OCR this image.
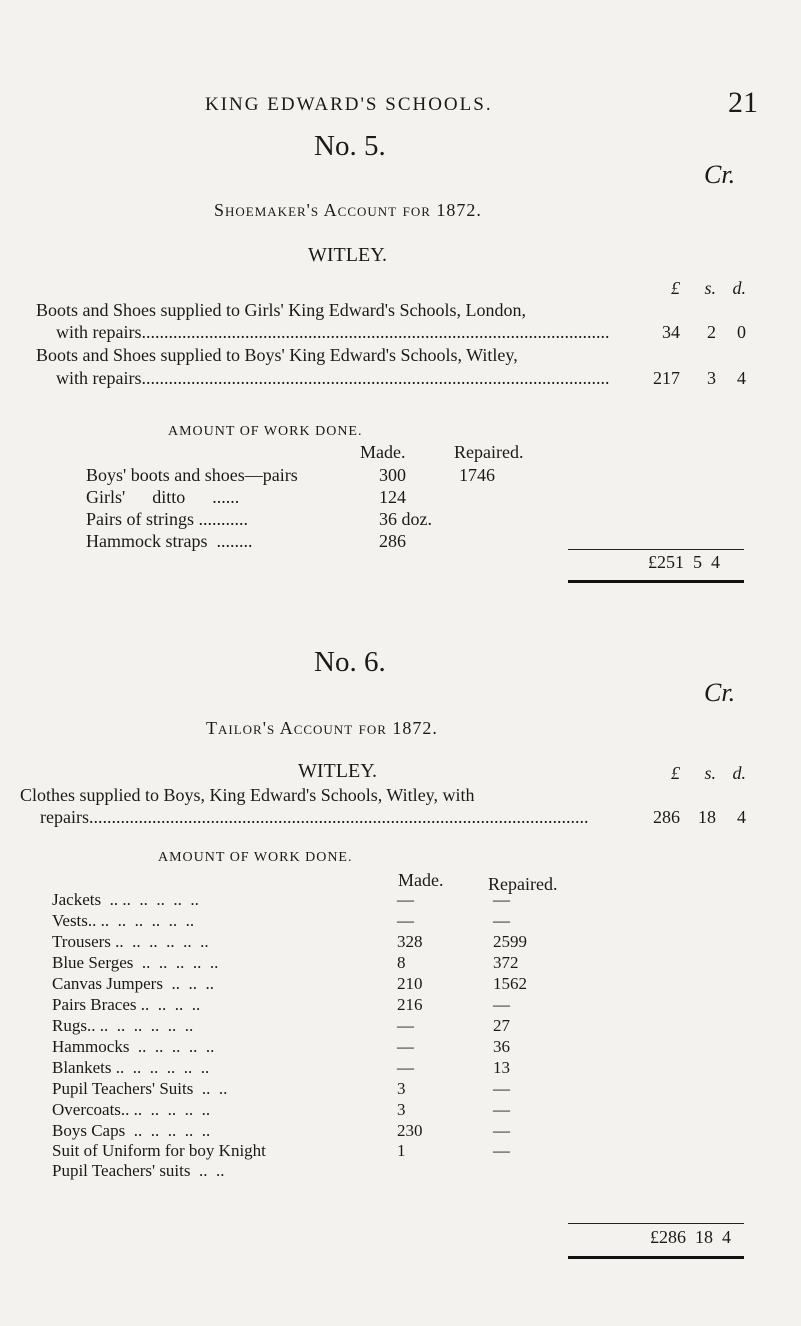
KING EDWARD'S SCHOOLS.	21
No. 5.
Cr.
Shoemaker's Account for 1872.
WITLEY.
£ s. d.
Boots and Shoes supplied to Girls' King Edward's Schools, London,
with repairs........................................................................................................	34 2 0
Boots and Shoes supplied to Boys' King Edward's Schools, Witley,
with repairs........................................................................................................	217 3 4
AMOUNT OF WORK DONE.
Made.	Repaired.
Boys' boots and shoes—pairs	300	1746
Girls'      ditto      ......	124
Pairs of strings ...........	36 doz.
Hammock straps  ........	286
£251  5  4
No. 6.
Cr.
Tailor's Account for 1872.
WITLEY.	£ s. d.
Clothes supplied to Boys, King Edward's Schools, Witley, with
repairs...............................................................................................................	286 18 4
AMOUNT OF WORK DONE.
Made. Repaired.
Jackets  .. ..  ..  ..  ..  ..	—	—
Vests.. ..  ..  ..  ..  ..  ..	—	—
Trousers ..  ..  ..  ..  ..  ..	328	2599
Blue Serges  ..  ..  ..  ..  ..	8	372
Canvas Jumpers  ..  ..  ..	210	1562
Pairs Braces ..  ..  ..  ..	216	—
Rugs.. ..  ..  ..  ..  ..  ..	—	27
Hammocks  ..  ..  ..  ..  ..	—	36
Blankets ..  ..  ..  ..  ..  ..	—	13
Pupil Teachers' Suits  ..  ..	3	—
Overcoats.. ..  ..  ..  ..  ..	3	—
Boys Caps  ..  ..  ..  ..  ..	230	—
Suit of Uniform for boy Knight	1	—
Pupil Teachers' suits  ..  ..
£286  18  4
